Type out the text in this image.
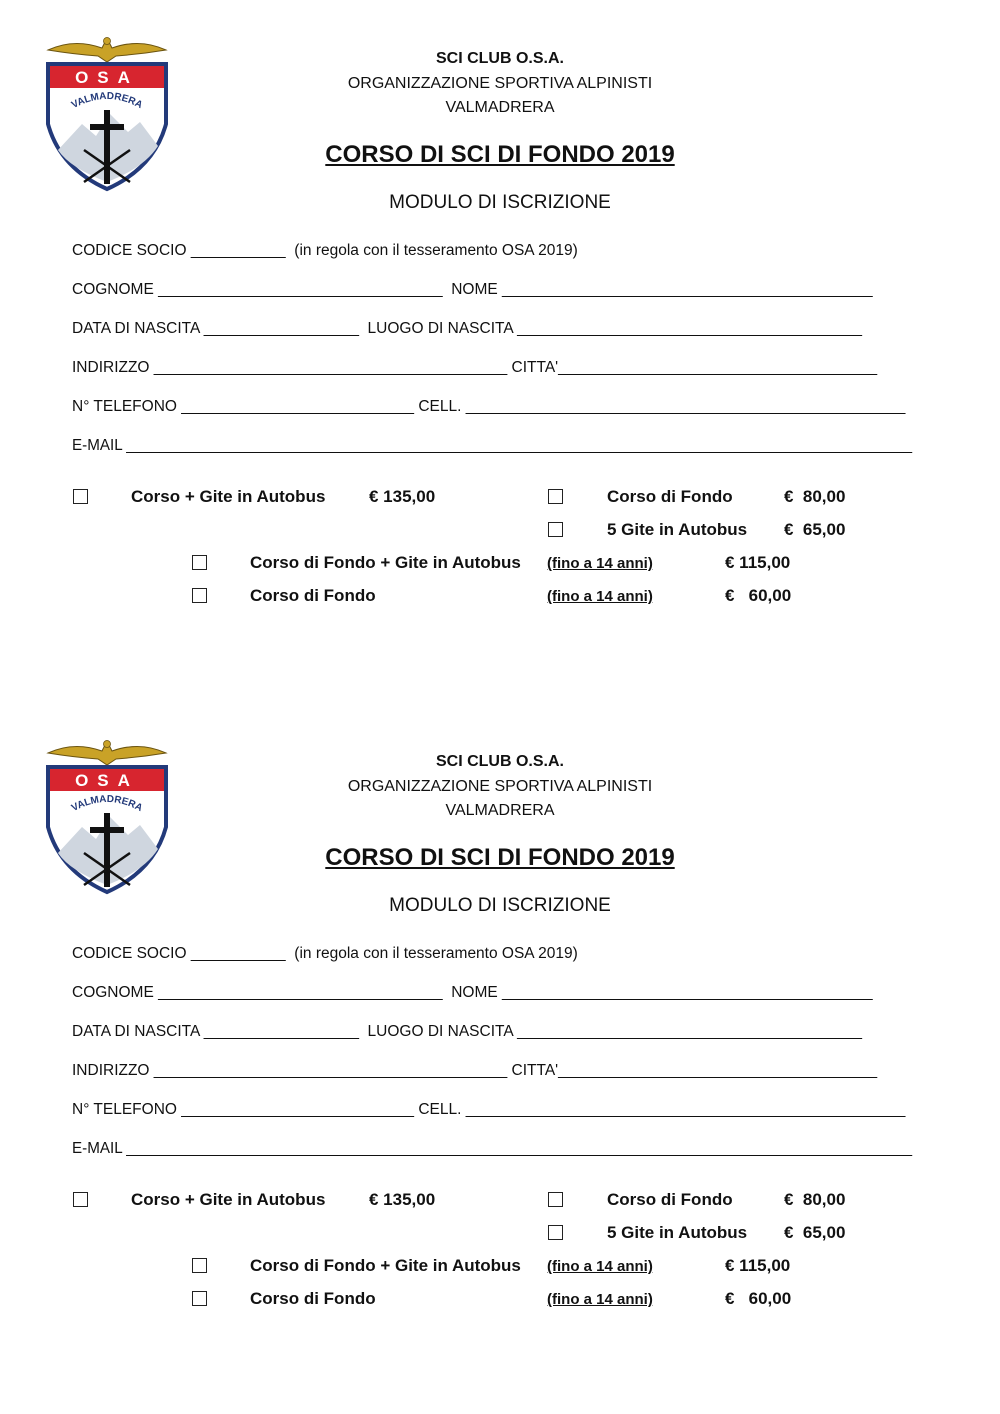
OSA
VALMADRERA
SCI CLUB O.S.A.
ORGANIZZAZIONE SPORTIVA ALPINISTI
VALMADRERA
CORSO DI SCI DI FONDO 2019
MODULO DI ISCRIZIONE
CODICE SOCIO ___________  (in regola con il tesseramento OSA 2019)
COGNOME _________________________________  NOME ___________________________________________
DATA DI NASCITA __________________  LUOGO DI NASCITA ________________________________________
INDIRIZZO _________________________________________ CITTA'_____________________________________
N° TELEFONO ___________________________ CELL. ___________________________________________________
E-MAIL _____________________________________________________________________________________________
Corso + Gite in Autobus	€ 135,00	Corso di Fondo	€  80,00
5 Gite in Autobus €  65,00
Corso di Fondo + Gite in Autobus (fino a 14 anni)	€ 115,00
Corso di Fondo	(fino a 14 anni)	€   60,00
OSA
VALMADRERA
SCI CLUB O.S.A.
ORGANIZZAZIONE SPORTIVA ALPINISTI
VALMADRERA
CORSO DI SCI DI FONDO 2019
MODULO DI ISCRIZIONE
CODICE SOCIO ___________  (in regola con il tesseramento OSA 2019)
COGNOME _________________________________  NOME ___________________________________________
DATA DI NASCITA __________________  LUOGO DI NASCITA ________________________________________
INDIRIZZO _________________________________________ CITTA'_____________________________________
N° TELEFONO ___________________________ CELL. ___________________________________________________
E-MAIL _____________________________________________________________________________________________
Corso + Gite in Autobus	€ 135,00	Corso di Fondo	€  80,00
5 Gite in Autobus €  65,00
Corso di Fondo + Gite in Autobus (fino a 14 anni)	€ 115,00
Corso di Fondo	(fino a 14 anni)	€   60,00
